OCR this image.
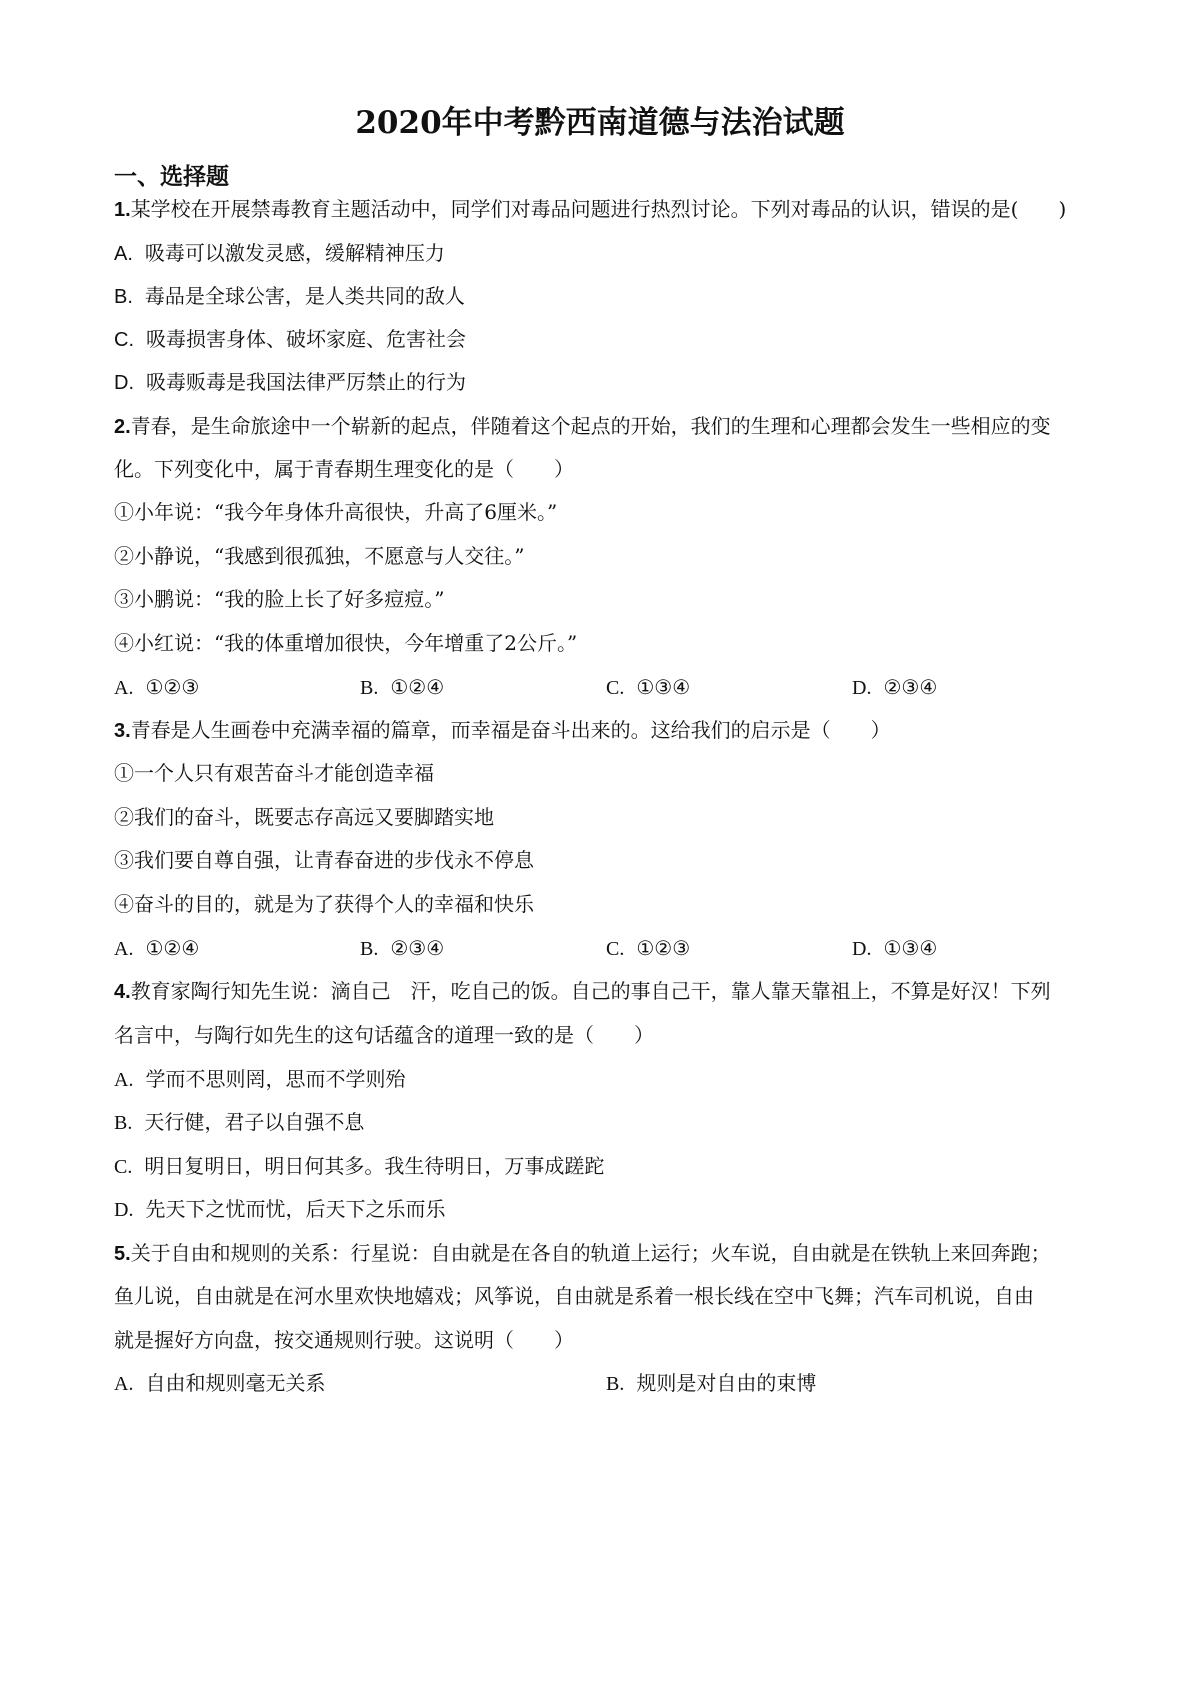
2020年中考黔西南道德与法治试题
一、选择题
1.某学校在开展禁毒教育主题活动中，同学们对毒品问题进行热烈讨论。下列对毒品的认识，错误的是(　　)
A. 吸毒可以激发灵感，缓解精神压力
B. 毒品是全球公害，是人类共同的敌人
C. 吸毒损害身体、破坏家庭、危害社会
D. 吸毒贩毒是我国法律严厉禁止的行为
2.青春，是生命旅途中一个崭新的起点，伴随着这个起点的开始，我们的生理和心理都会发生一些相应的变
化。下列变化中，属于青春期生理变化的是（　　）
①小年说：“我今年身体升高很快，升高了6厘米。”
②小静说，“我感到很孤独，不愿意与人交往。”
③小鹏说：“我的脸上长了好多痘痘。”
④小红说：“我的体重增加很快，今年增重了2公斤。”
A. ①②③	B. ①②④	C. ①③④	D. ②③④
3.青春是人生画卷中充满幸福的篇章，而幸福是奋斗出来的。这给我们的启示是（　　）
①一个人只有艰苦奋斗才能创造幸福
②我们的奋斗，既要志存高远又要脚踏实地
③我们要自尊自强，让青春奋进的步伐永不停息
④奋斗的目的，就是为了获得个人的幸福和快乐
A. ①②④	B. ②③④	C. ①②③	D. ①③④
4.教育家陶行知先生说：滴自己　汗，吃自己的饭。自己的事自己干，靠人靠天靠祖上，不算是好汉！下列
名言中，与陶行如先生的这句话蕴含的道理一致的是（　　）
A. 学而不思则罔，思而不学则殆
B. 天行健，君子以自强不息
C. 明日复明日，明日何其多。我生待明日，万事成蹉跎
D. 先天下之忧而忧，后天下之乐而乐
5.关于自由和规则的关系：行星说：自由就是在各自的轨道上运行；火车说，自由就是在铁轨上来回奔跑；
鱼儿说，自由就是在河水里欢快地嬉戏；风筝说，自由就是系着一根长线在空中飞舞；汽车司机说，自由
就是握好方向盘，按交通规则行驶。这说明（　　）
A. 自由和规则毫无关系	B. 规则是对自由的束博
